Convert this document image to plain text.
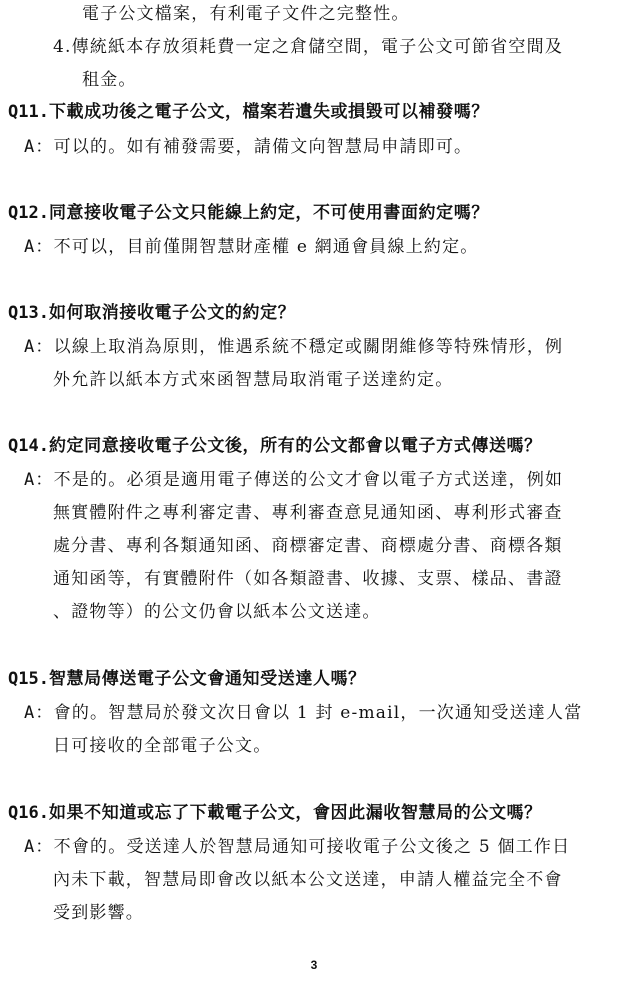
電子公文檔案，有利電子文件之完整性。
4.傳統紙本存放須耗費一定之倉儲空間，電子公文可節省空間及
租金。
Q11.下載成功後之電子公文，檔案若遺失或損毀可以補發嗎？
A：可以的。如有補發需要，請備文向智慧局申請即可。
Q12.同意接收電子公文只能線上約定，不可使用書面約定嗎？
A：不可以，目前僅開智慧財產權 e 網通會員線上約定。
Q13.如何取消接收電子公文的約定？
A：以線上取消為原則，惟遇系統不穩定或關閉維修等特殊情形，例
外允許以紙本方式來函智慧局取消電子送達約定。
Q14.約定同意接收電子公文後，所有的公文都會以電子方式傳送嗎？
A：不是的。必須是適用電子傳送的公文才會以電子方式送達，例如
無實體附件之專利審定書、專利審查意見通知函、專利形式審查
處分書、專利各類通知函、商標審定書、商標處分書、商標各類
通知函等，有實體附件（如各類證書、收據、支票、樣品、書證
、證物等）的公文仍會以紙本公文送達。
Q15.智慧局傳送電子公文會通知受送達人嗎？
A：會的。智慧局於發文次日會以 1 封 e-mail，一次通知受送達人當
日可接收的全部電子公文。
Q16.如果不知道或忘了下載電子公文，會因此漏收智慧局的公文嗎？
A：不會的。受送達人於智慧局通知可接收電子公文後之 5 個工作日
內未下載，智慧局即會改以紙本公文送達，申請人權益完全不會
受到影響。
3
